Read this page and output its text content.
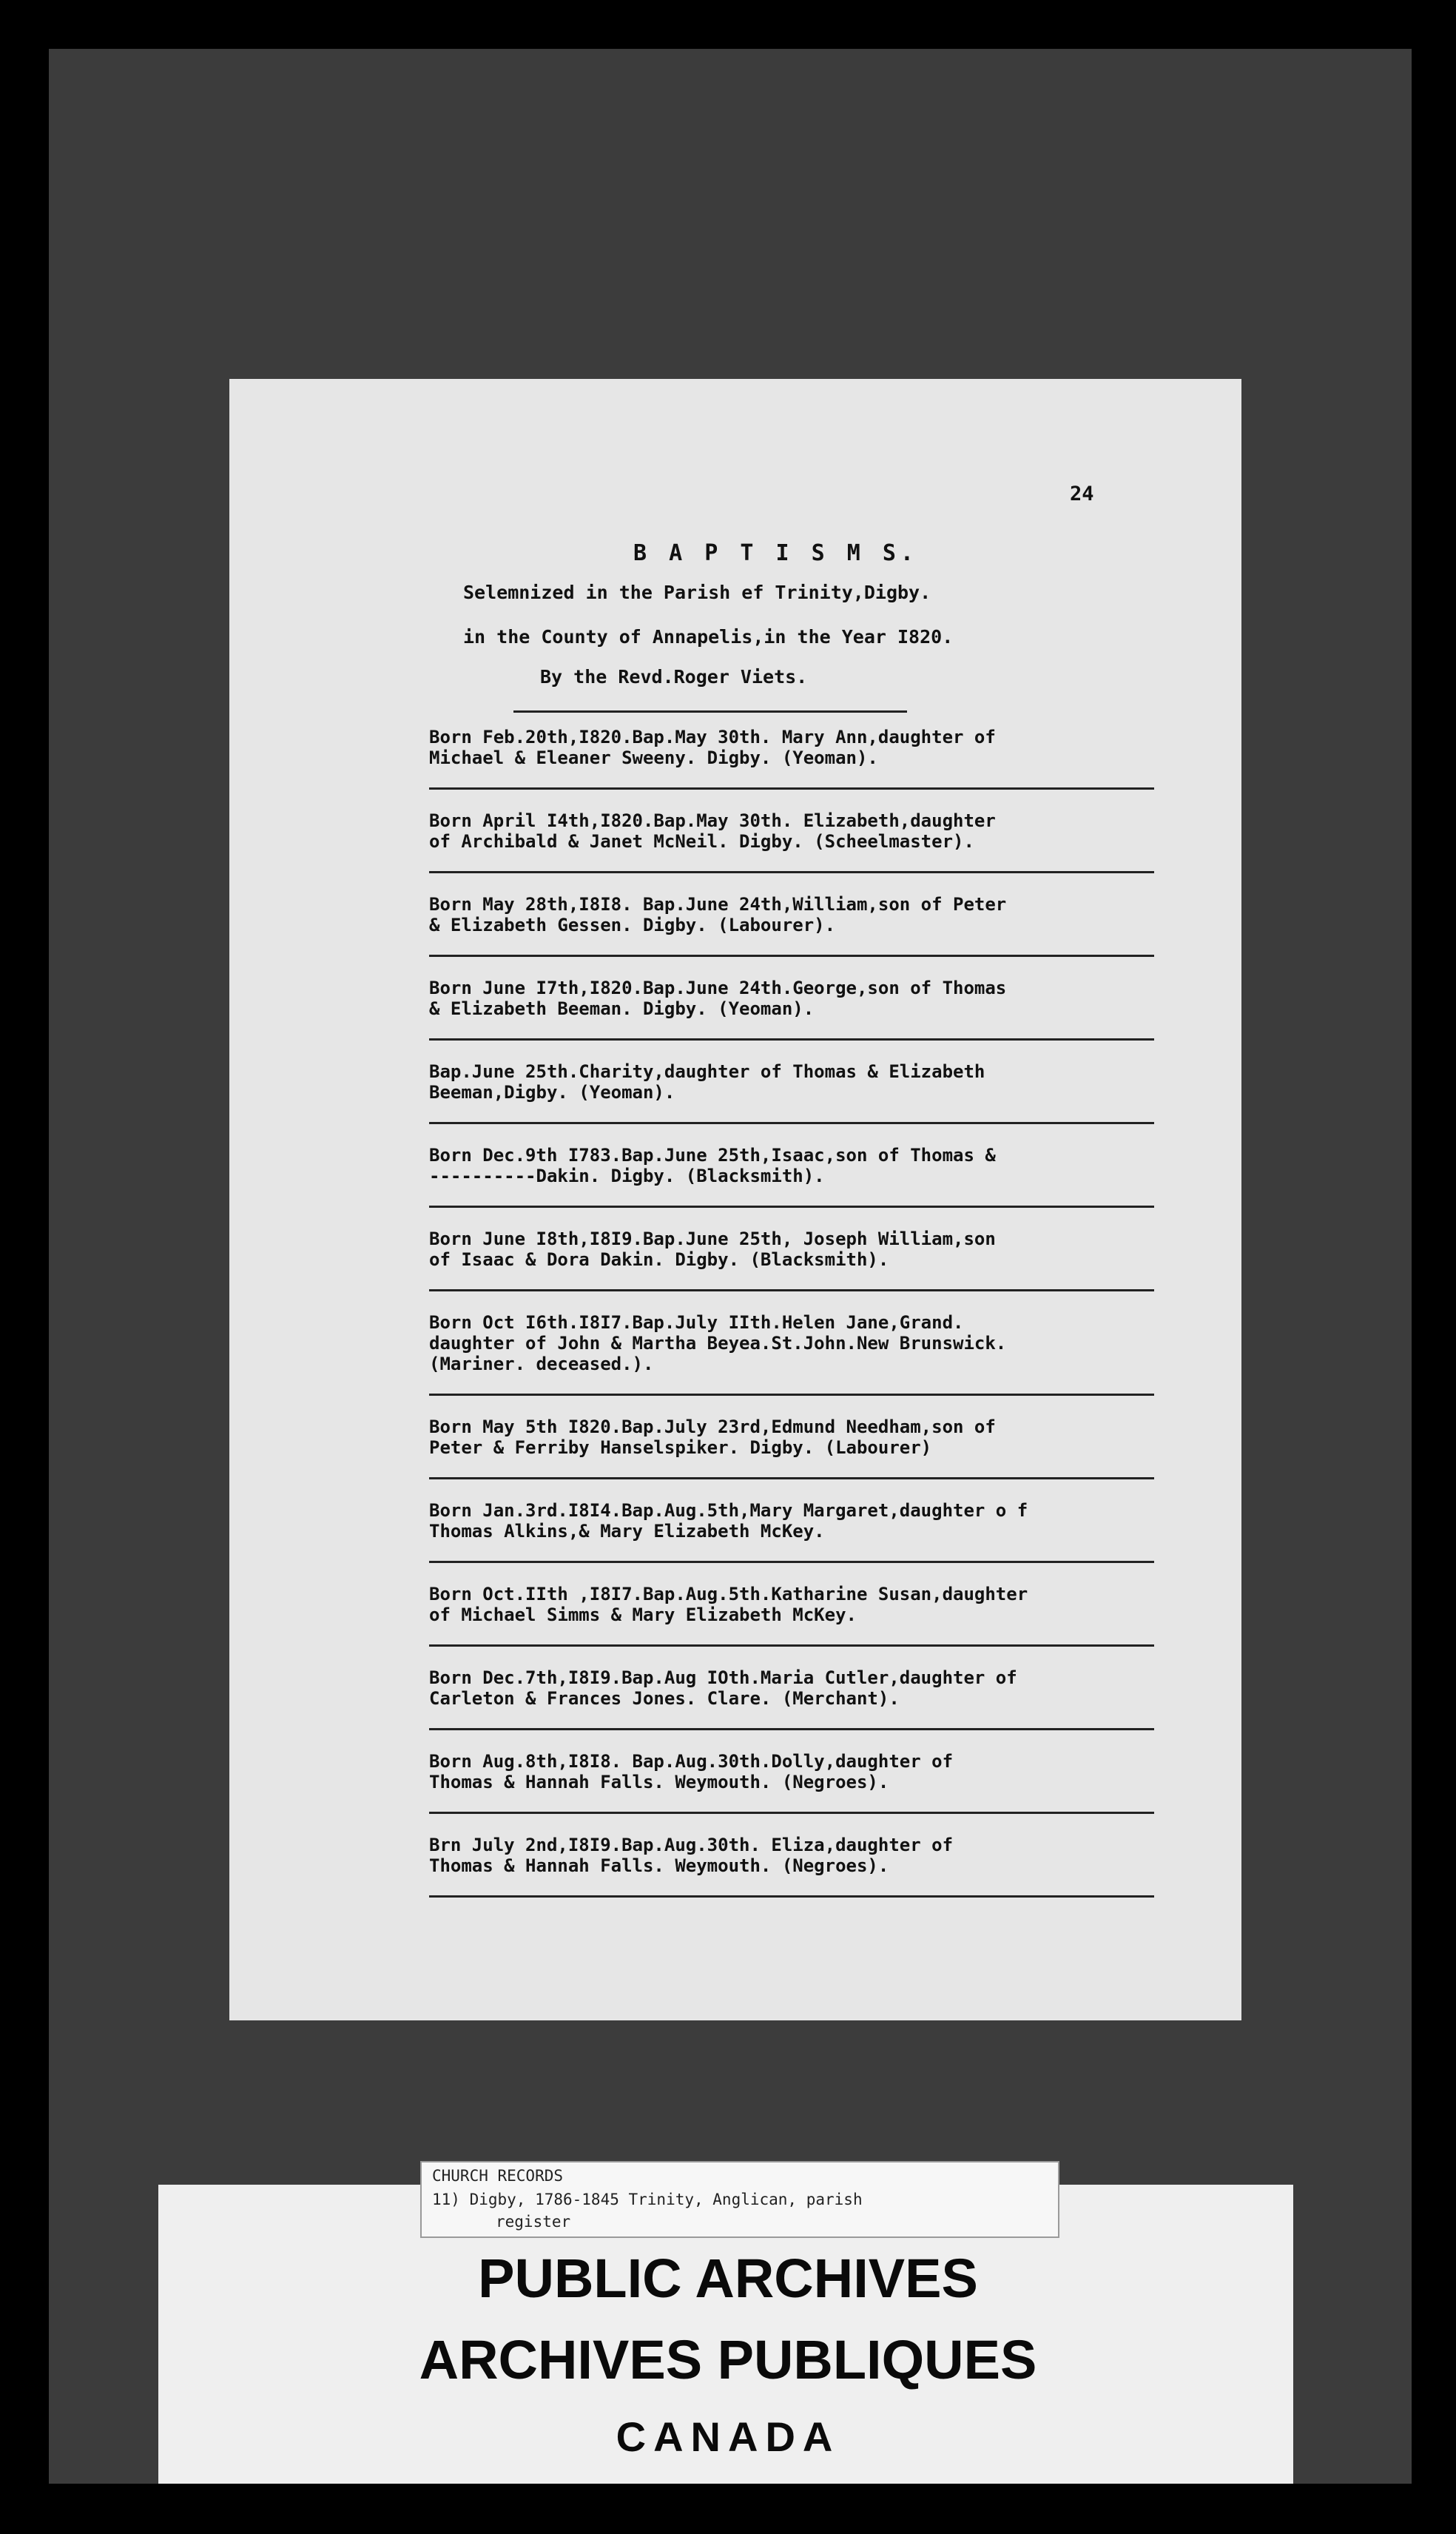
24
B A P T I S M S.
Selemnized in the Parish ef Trinity,Digby.
in the County of Annapelis,in the Year I820.
By the Revd.Roger Viets.
Born Feb.20th,I820.Bap.May 30th. Mary Ann,daughter of
Michael & Eleaner Sweeny. Digby. (Yeoman).
Born April I4th,I820.Bap.May 30th. Elizabeth,daughter
of Archibald & Janet McNeil. Digby. (Scheelmaster).
Born May 28th,I8I8. Bap.June 24th,William,son of Peter
& Elizabeth Gessen. Digby. (Labourer).
Born June I7th,I820.Bap.June 24th.George,son of Thomas
& Elizabeth Beeman. Digby. (Yeoman).
Bap.June 25th.Charity,daughter of Thomas & Elizabeth
Beeman,Digby. (Yeoman).
Born Dec.9th I783.Bap.June 25th,Isaac,son of Thomas &
----------Dakin. Digby. (Blacksmith).
Born June I8th,I8I9.Bap.June 25th, Joseph William,son
of Isaac & Dora Dakin. Digby. (Blacksmith).
Born Oct I6th.I8I7.Bap.July IIth.Helen Jane,Grand.
daughter of John & Martha Beyea.St.John.New Brunswick.
(Mariner. deceased.).
Born May 5th I820.Bap.July 23rd,Edmund Needham,son of
Peter & Ferriby Hanselspiker. Digby. (Labourer)
Born Jan.3rd.I8I4.Bap.Aug.5th,Mary Margaret,daughter o f
Thomas Alkins,& Mary Elizabeth McKey.
Born Oct.IIth ,I8I7.Bap.Aug.5th.Katharine Susan,daughter
of Michael Simms & Mary Elizabeth McKey.
Born Dec.7th,I8I9.Bap.Aug IOth.Maria Cutler,daughter of
Carleton & Frances Jones. Clare. (Merchant).
Born Aug.8th,I8I8. Bap.Aug.30th.Dolly,daughter of
Thomas & Hannah Falls. Weymouth. (Negroes).
Brn July 2nd,I8I9.Bap.Aug.30th. Eliza,daughter of
Thomas & Hannah Falls. Weymouth. (Negroes).
CHURCH RECORDS
11) Digby, 1786-1845 Trinity, Anglican, parish
register
PUBLIC ARCHIVES
ARCHIVES PUBLIQUES
CANADA
